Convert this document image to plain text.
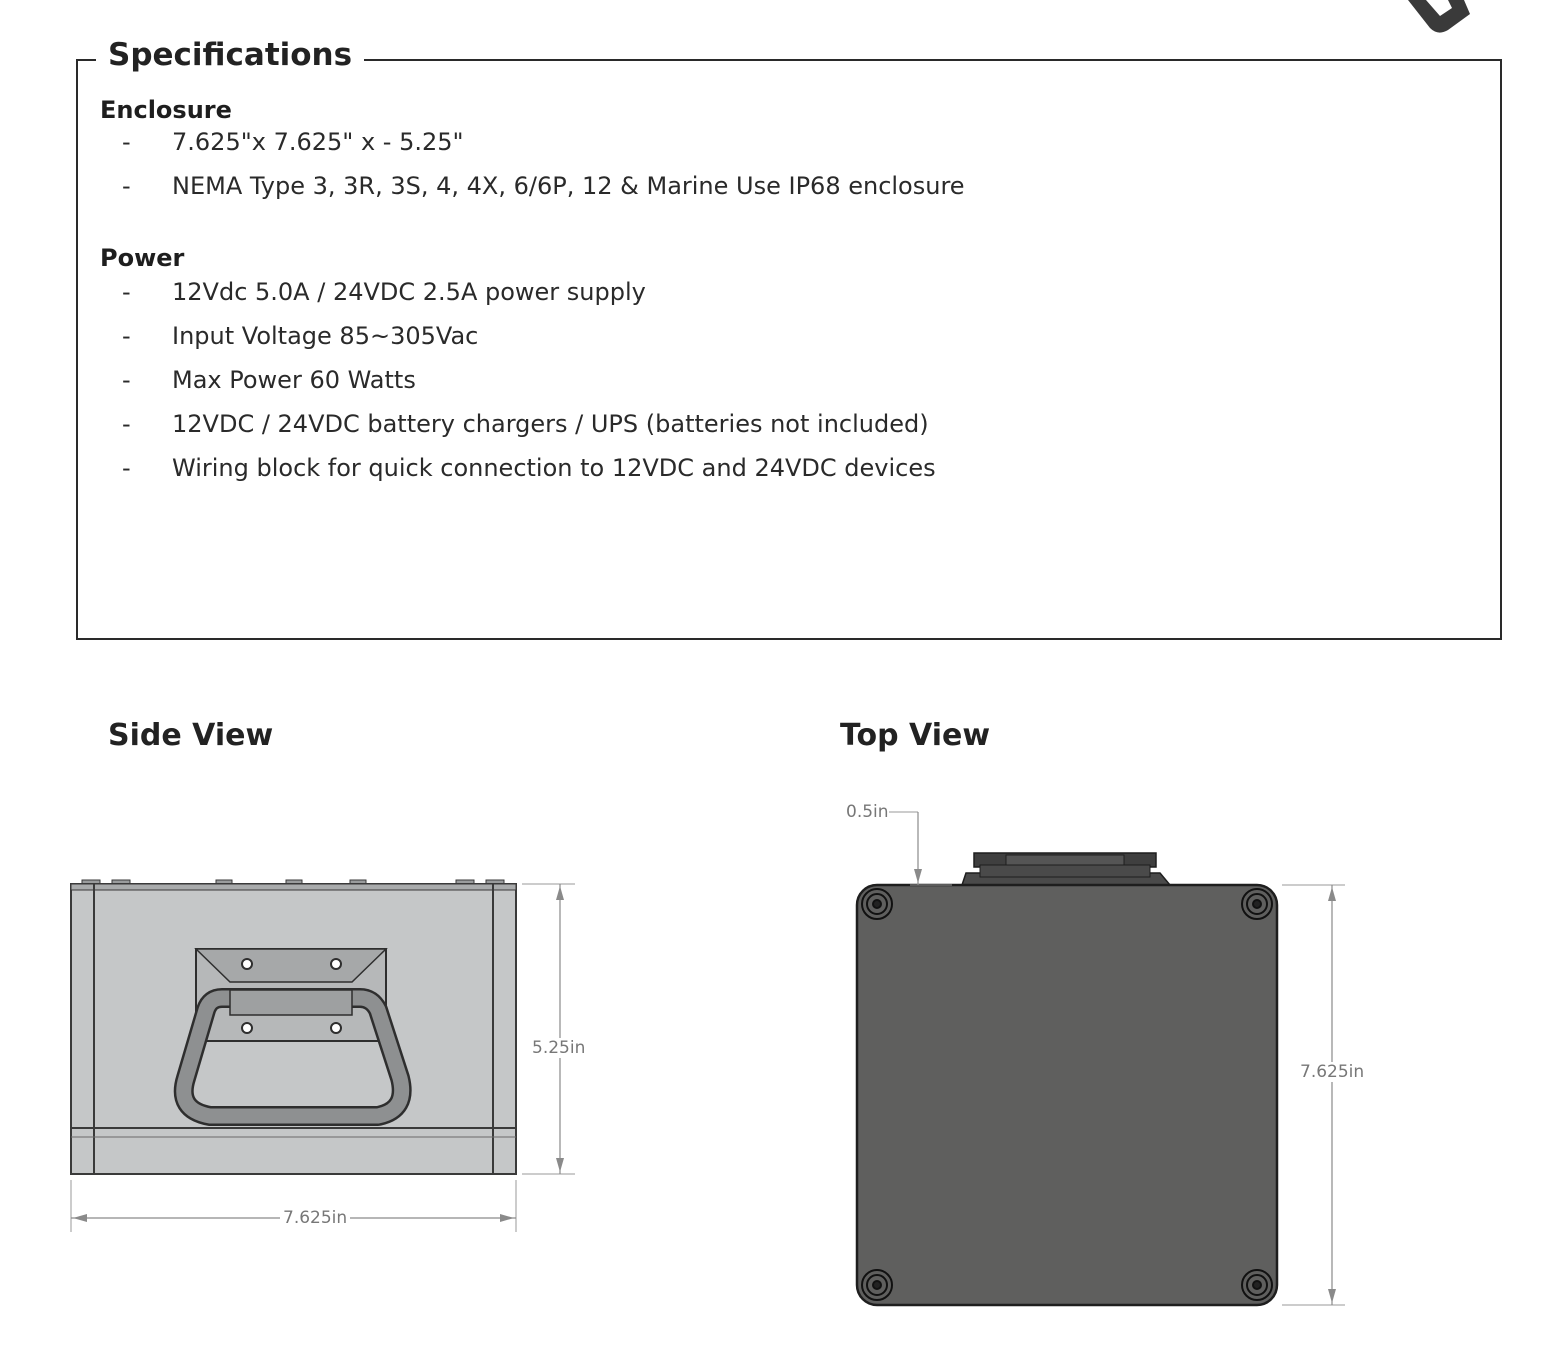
Specifications
Enclosure
- 7.625"x 7.625" x - 5.25"
- NEMA Type 3, 3R, 3S, 4, 4X, 6/6P, 12 & Marine Use IP68 enclosure
Power
- 12Vdc 5.0A / 24VDC 2.5A power supply
- Input Voltage 85~305Vac
- Max Power 60 Watts
- 12VDC / 24VDC battery chargers / UPS (batteries not included)
- Wiring block for quick connection to 12VDC and 24VDC devices
Side View	Top View
5.25in
7.625in
0.5in
7.625in
